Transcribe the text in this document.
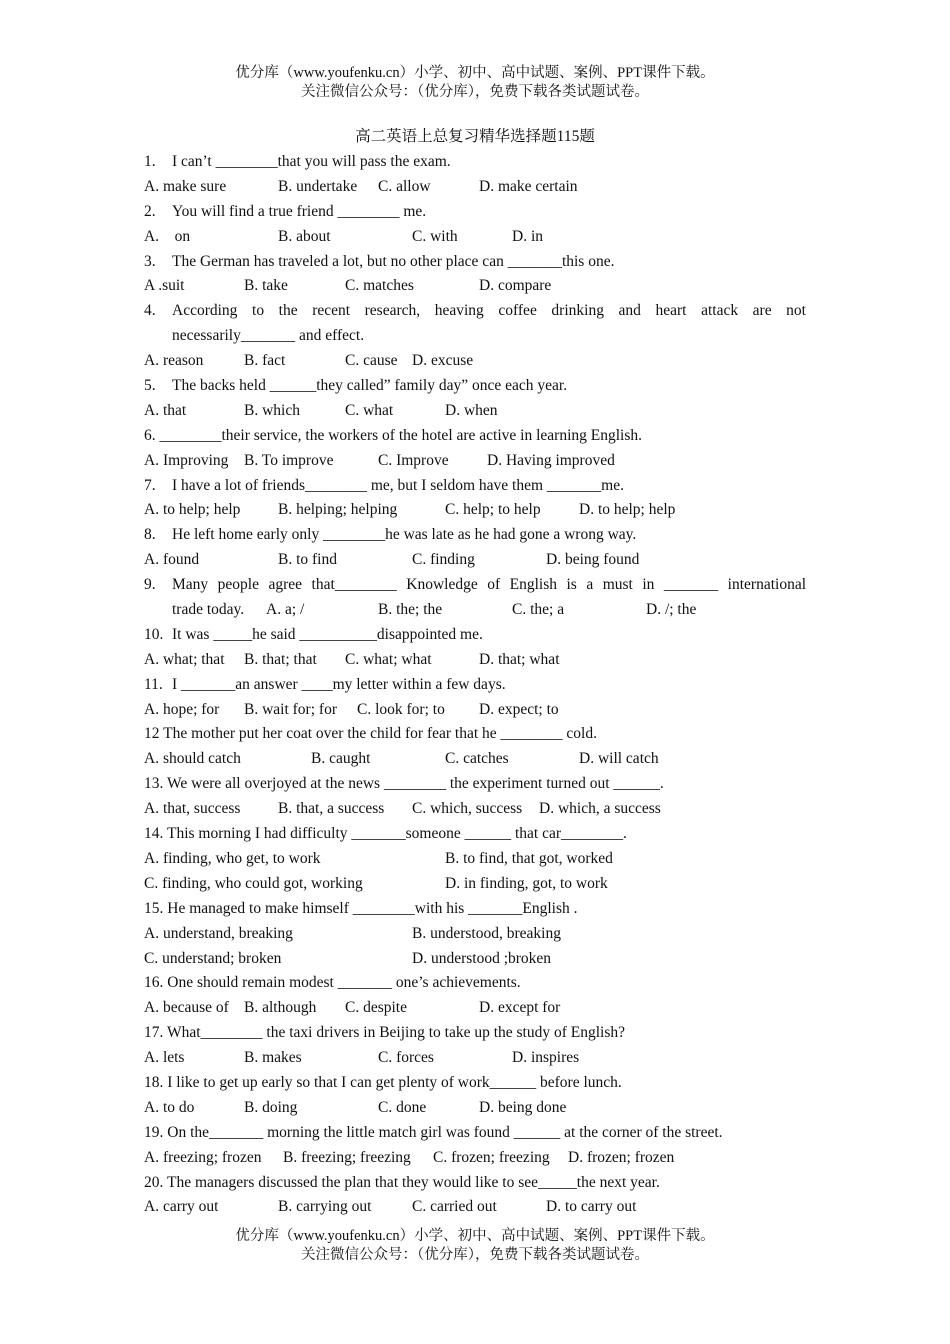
优分库（www.youfenku.cn）小学、初中、高中试题、案例、PPT课件下载。
关注微信公众号：（优分库），免费下载各类试题试卷。
高二英语上总复习精华选择题115题
1.	I can’t ________that you will pass the exam.
A. make sure	B. undertake C. allow	D. make certain
2.	You will find a true friend ________ me.
A.    on	B. about	C. with	D. in
3.	The German has traveled a lot, but no other place can _______this one.
A .suit	B. take	C. matches	D. compare
4.	According to the recent research, heaving coffee drinking and heart attack are not
necessarily_______ and effect.
A. reason	B. fact	C. cause D. excuse
5.	The backs held ______they called” family day” once each year.
A. that	B. which	C. what	D. when
6. ________their service, the workers of the hotel are active in learning English.
A. Improving B. To improve	C. Improve D. Having improved
7.	I have a lot of friends________ me, but I seldom have them _______me.
A. to help; help B. helping; helping	C. help; to help D. to help; help
8.	He left home early only ________he was late as he had gone a wrong way.
A. found	B. to find	C. finding	D. being found
9.	Many people agree that________ Knowledge of English is a must in _______ international
trade today. A. a; /	B. the; the	C. the; a	D. /; the
10. It was _____he said __________disappointed me.
A. what; that B. that; that C. what; what	D. that; what
11. I _______an answer ____my letter within a few days.
A. hope; for B. wait for; for C. look for; to D. expect; to
12 The mother put her coat over the child for fear that he ________ cold.
A. should catch	B. caught	C. catches	D. will catch
13. We were all overjoyed at the news ________ the experiment turned out ______.
A. that, success B. that, a success C. which, success D. which, a success
14. This morning I had difficulty _______someone ______ that car________.
A. finding, who get, to work	B. to find, that got, worked
C. finding, who could got, working	D. in finding, got, to work
15. He managed to make himself ________with his _______English .
A. understand, breaking	B. understood, breaking
C. understand; broken	D. understood ;broken
16. One should remain modest _______ one’s achievements.
A. because of B. although C. despite	D. except for
17. What________ the taxi drivers in Beijing to take up the study of English?
A. lets	B. makes	C. forces	D. inspires
18. I like to get up early so that I can get plenty of work______ before lunch.
A. to do	B. doing	C. done	D. being done
19. On the_______ morning the little match girl was found ______ at the corner of the street.
A. freezing; frozen B. freezing; freezing C. frozen; freezing D. frozen; frozen
20. The managers discussed the plan that they would like to see_____the next year.
A. carry out	B. carrying out	C. carried out	D. to carry out
优分库（www.youfenku.cn）小学、初中、高中试题、案例、PPT课件下载。
关注微信公众号：（优分库），免费下载各类试题试卷。
